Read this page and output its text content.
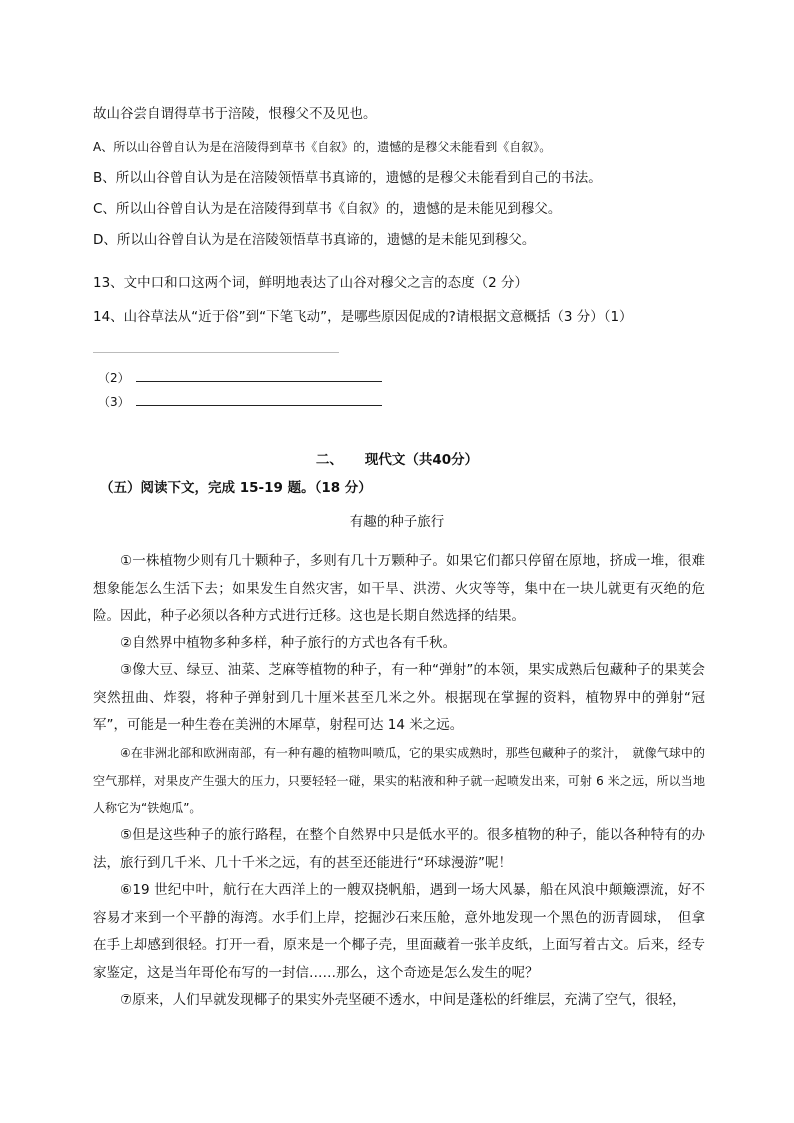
故山谷尝自谓得草书于涪陵，恨穆父不及见也。
A、所以山谷曾自认为是在涪陵得到草书《自叙》的，遗憾的是穆父未能看到《自叙》。
B、所以山谷曾自认为是在涪陵领悟草书真谛的，遗憾的是穆父未能看到自己的书法。
C、所以山谷曾自认为是在涪陵得到草书《自叙》的，遗憾的是未能见到穆父。
D、所以山谷曾自认为是在涪陵领悟草书真谛的，遗憾的是未能见到穆父。
13、文中口和口这两个词，鲜明地表达了山谷对穆父之言的态度（2 分）
14、山谷草法从“近于俗”到“下笔飞动”，是哪些原因促成的?请根据文意概括（3 分）（1）
（2）
（3）
二、 现代文（共40分）
（五）阅读下文，完成 15-19 题。（18 分）
有趣的种子旅行
①一株植物少则有几十颗种子，多则有几十万颗种子。如果它们都只停留在原地，挤成一堆，很难想象能怎么生活下去；如果发生自然灾害，如干旱、洪涝、火灾等等，集中在一块儿就更有灭绝的危险。因此，种子必须以各种方式进行迁移。这也是长期自然选择的结果。
②自然界中植物多种多样，种子旅行的方式也各有千秋。
③像大豆、绿豆、油菜、芝麻等植物的种子，有一种“弹射”的本领，果实成熟后包藏种子的果荚会突然扭曲、炸裂，将种子弹射到几十厘米甚至几米之外。根据现在掌握的资料，植物界中的弹射“冠军”，可能是一种生卷在美洲的木犀草，射程可达 14 米之远。
④在非洲北部和欧洲南部，有一种有趣的植物叫喷瓜，它的果实成熟时，那些包藏种子的浆汁，　就像气球中的空气那样，对果皮产生强大的压力，只要轻轻一碰，果实的粘液和种子就一起喷发出来，可射 6 米之远，所以当地人称它为“铁炮瓜”。
⑤但是这些种子的旅行路程，在整个自然界中只是低水平的。很多植物的种子，能以各种特有的办法，旅行到几千米、几十千米之远，有的甚至还能进行“环球漫游”呢！
⑥19 世纪中叶，航行在大西洋上的一艘双挠帆船，遇到一场大风暴，船在风浪中颠簸漂流，好不容易才来到一个平静的海湾。水手们上岸，挖掘沙石来压舱，意外地发现一个黑色的沥青圆球，　但拿在手上却感到很轻。打开一看，原来是一个椰子壳，里面藏着一张羊皮纸，上面写着古文。后来，经专家鉴定，这是当年哥伦布写的一封信……那么，这个奇迹是怎么发生的呢？
⑦原来，人们早就发现椰子的果实外壳坚硬不透水，中间是蓬松的纤维层，充满了空气，很轻，
